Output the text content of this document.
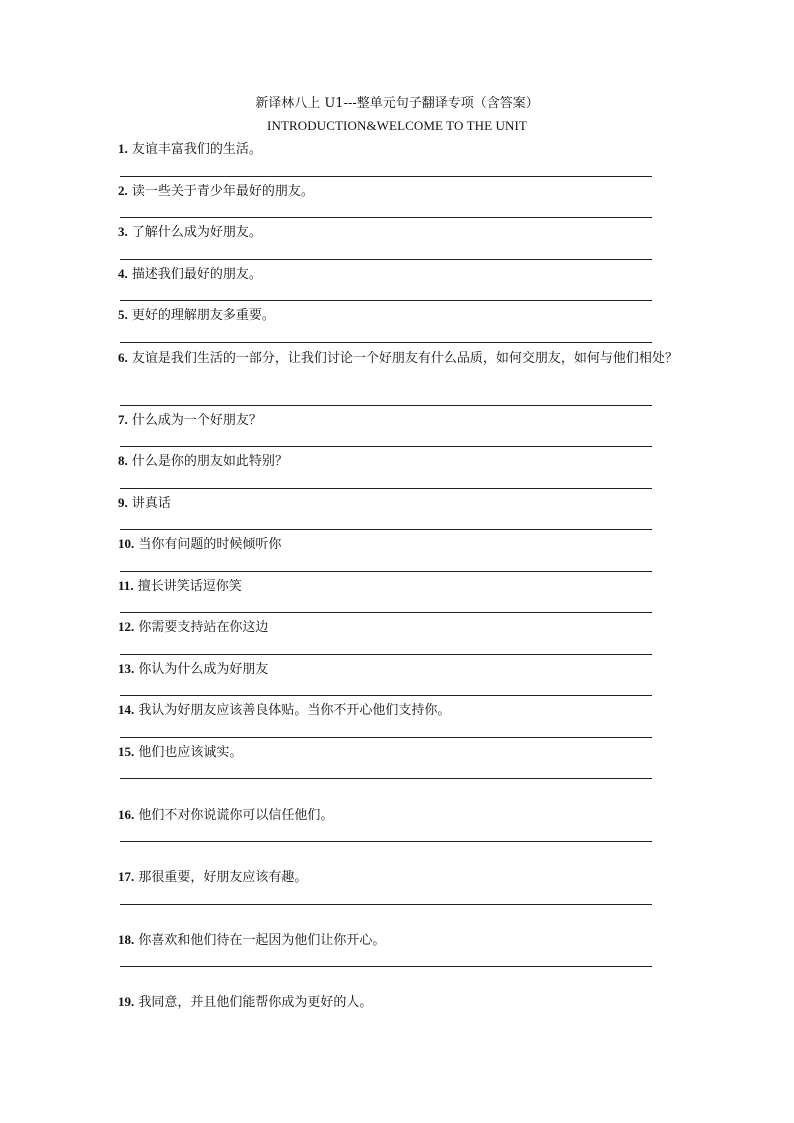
新译林八上 U1---整单元句子翻译专项（含答案）
INTRODUCTION&WELCOME TO THE UNIT
1. 友谊丰富我们的生活。
2. 读一些关于青少年最好的朋友。
3. 了解什么成为好朋友。
4. 描述我们最好的朋友。
5. 更好的理解朋友多重要。
6. 友谊是我们生活的一部分，让我们讨论一个好朋友有什么品质，如何交朋友，如何与他们相处？
7. 什么成为一个好朋友？
8. 什么是你的朋友如此特别？
9. 讲真话
10. 当你有问题的时候倾听你
11. 擅长讲笑话逗你笑
12. 你需要支持站在你这边
13. 你认为什么成为好朋友
14. 我认为好朋友应该善良体贴。当你不开心他们支持你。
15. 他们也应该诚实。
16. 他们不对你说谎你可以信任他们。
17. 那很重要，好朋友应该有趣。
18. 你喜欢和他们待在一起因为他们让你开心。
19. 我同意，并且他们能帮你成为更好的人。
